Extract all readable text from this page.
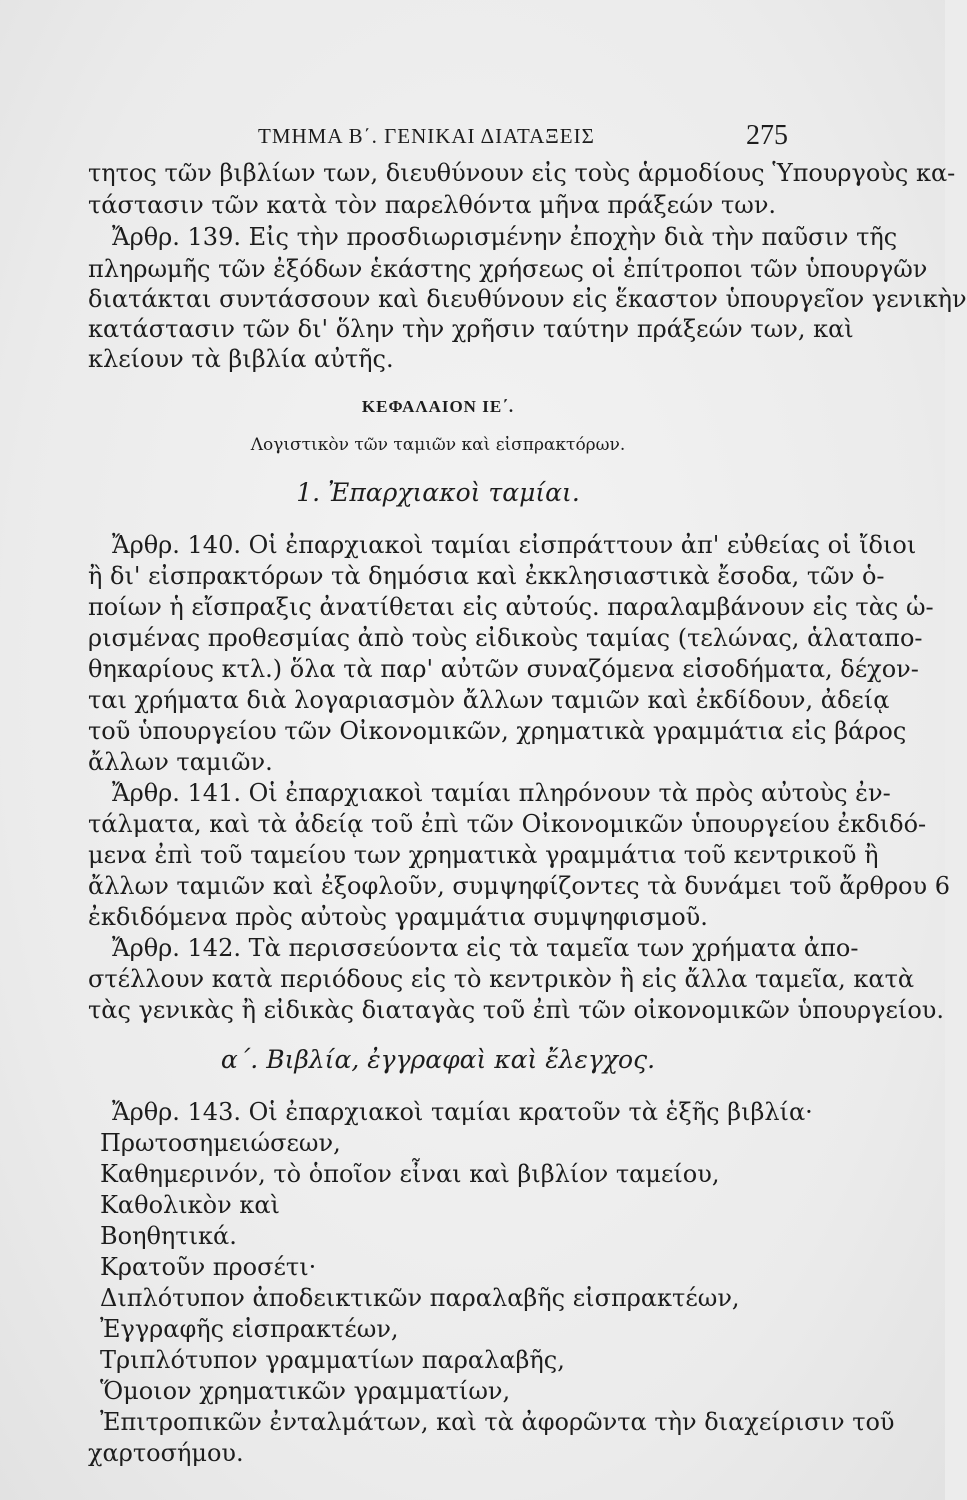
ΤΜΗΜΑ Β΄. ΓΕΝΙΚΑΙ ΔΙΑΤΑΞΕΙΣ	275
τητος τῶν βιβλίων των, διευθύνουν εἰς τοὺς ἁρμοδίους Ὑπουργοὺς κα-
τάστασιν τῶν κατὰ τὸν παρελθόντα μῆνα πράξεών των.
Ἄρθρ. 139. Εἰς τὴν προσδιωρισμένην ἐποχὴν διὰ τὴν παῦσιν τῆς
πληρωμῆς τῶν ἐξόδων ἑκάστης χρήσεως οἱ ἐπίτροποι τῶν ὑπουργῶν
διατάκται συντάσσουν καὶ διευθύνουν εἰς ἕκαστον ὑπουργεῖον γενικὴν
κατάστασιν τῶν δι' ὅλην τὴν χρῆσιν ταύτην πράξεών των, καὶ
κλείουν τὰ βιβλία αὐτῆς.
ΚΕΦΑΛΑΙΟΝ ΙΕ΄.
Λογιστικὸν τῶν ταμιῶν καὶ εἰσπρακτόρων.
1. Ἐπαρχιακοὶ ταμίαι.
Ἄρθρ. 140. Οἱ ἐπαρχιακοὶ ταμίαι εἰσπράττουν ἀπ' εὐθείας οἱ ἴδιοι
ἢ δι' εἰσπρακτόρων τὰ δημόσια καὶ ἐκκλησιαστικὰ ἔσοδα, τῶν ὁ-
ποίων ἡ εἴσπραξις ἀνατίθεται εἰς αὐτούς. παραλαμβάνουν εἰς τὰς ὡ-
ρισμένας προθεσμίας ἀπὸ τοὺς εἰδικοὺς ταμίας (τελώνας, ἁλαταπο-
θηκαρίους κτλ.) ὅλα τὰ παρ' αὐτῶν συναζόμενα εἰσοδήματα, δέχον-
ται χρήματα διὰ λογαριασμὸν ἄλλων ταμιῶν καὶ ἐκδίδουν, ἀδείᾳ
τοῦ ὑπουργείου τῶν Οἰκονομικῶν, χρηματικὰ γραμμάτια εἰς βάρος
ἄλλων ταμιῶν.
Ἄρθρ. 141. Οἱ ἐπαρχιακοὶ ταμίαι πληρόνουν τὰ πρὸς αὐτοὺς ἐν-
τάλματα, καὶ τὰ ἀδείᾳ τοῦ ἐπὶ τῶν Οἰκονομικῶν ὑπουργείου ἐκδιδό-
μενα ἐπὶ τοῦ ταμείου των χρηματικὰ γραμμάτια τοῦ κεντρικοῦ ἢ
ἄλλων ταμιῶν καὶ ἐξοφλοῦν, συμψηφίζοντες τὰ δυνάμει τοῦ ἄρθρου 6
ἐκδιδόμενα πρὸς αὐτοὺς γραμμάτια συμψηφισμοῦ.
Ἄρθρ. 142. Τὰ περισσεύοντα εἰς τὰ ταμεῖα των χρήματα ἀπο-
στέλλουν κατὰ περιόδους εἰς τὸ κεντρικὸν ἢ εἰς ἄλλα ταμεῖα, κατὰ
τὰς γενικὰς ἢ εἰδικὰς διαταγὰς τοῦ ἐπὶ τῶν οἰκονομικῶν ὑπουργείου.
α΄. Βιβλία, ἐγγραφαὶ καὶ ἔλεγχος.
Ἄρθρ. 143. Οἱ ἐπαρχιακοὶ ταμίαι κρατοῦν τὰ ἑξῆς βιβλία·
Πρωτοσημειώσεων,
Καθημερινόν, τὸ ὁποῖον εἶναι καὶ βιβλίον ταμείου,
Καθολικὸν καὶ
Βοηθητικά.
Κρατοῦν προσέτι·
Διπλότυπον ἀποδεικτικῶν παραλαβῆς εἰσπρακτέων,
Ἐγγραφῆς εἰσπρακτέων,
Τριπλότυπον γραμματίων παραλαβῆς,
Ὅμοιον χρηματικῶν γραμματίων,
Ἐπιτροπικῶν ἐνταλμάτων, καὶ τὰ ἀφορῶντα τὴν διαχείρισιν τοῦ
χαρτοσήμου.
